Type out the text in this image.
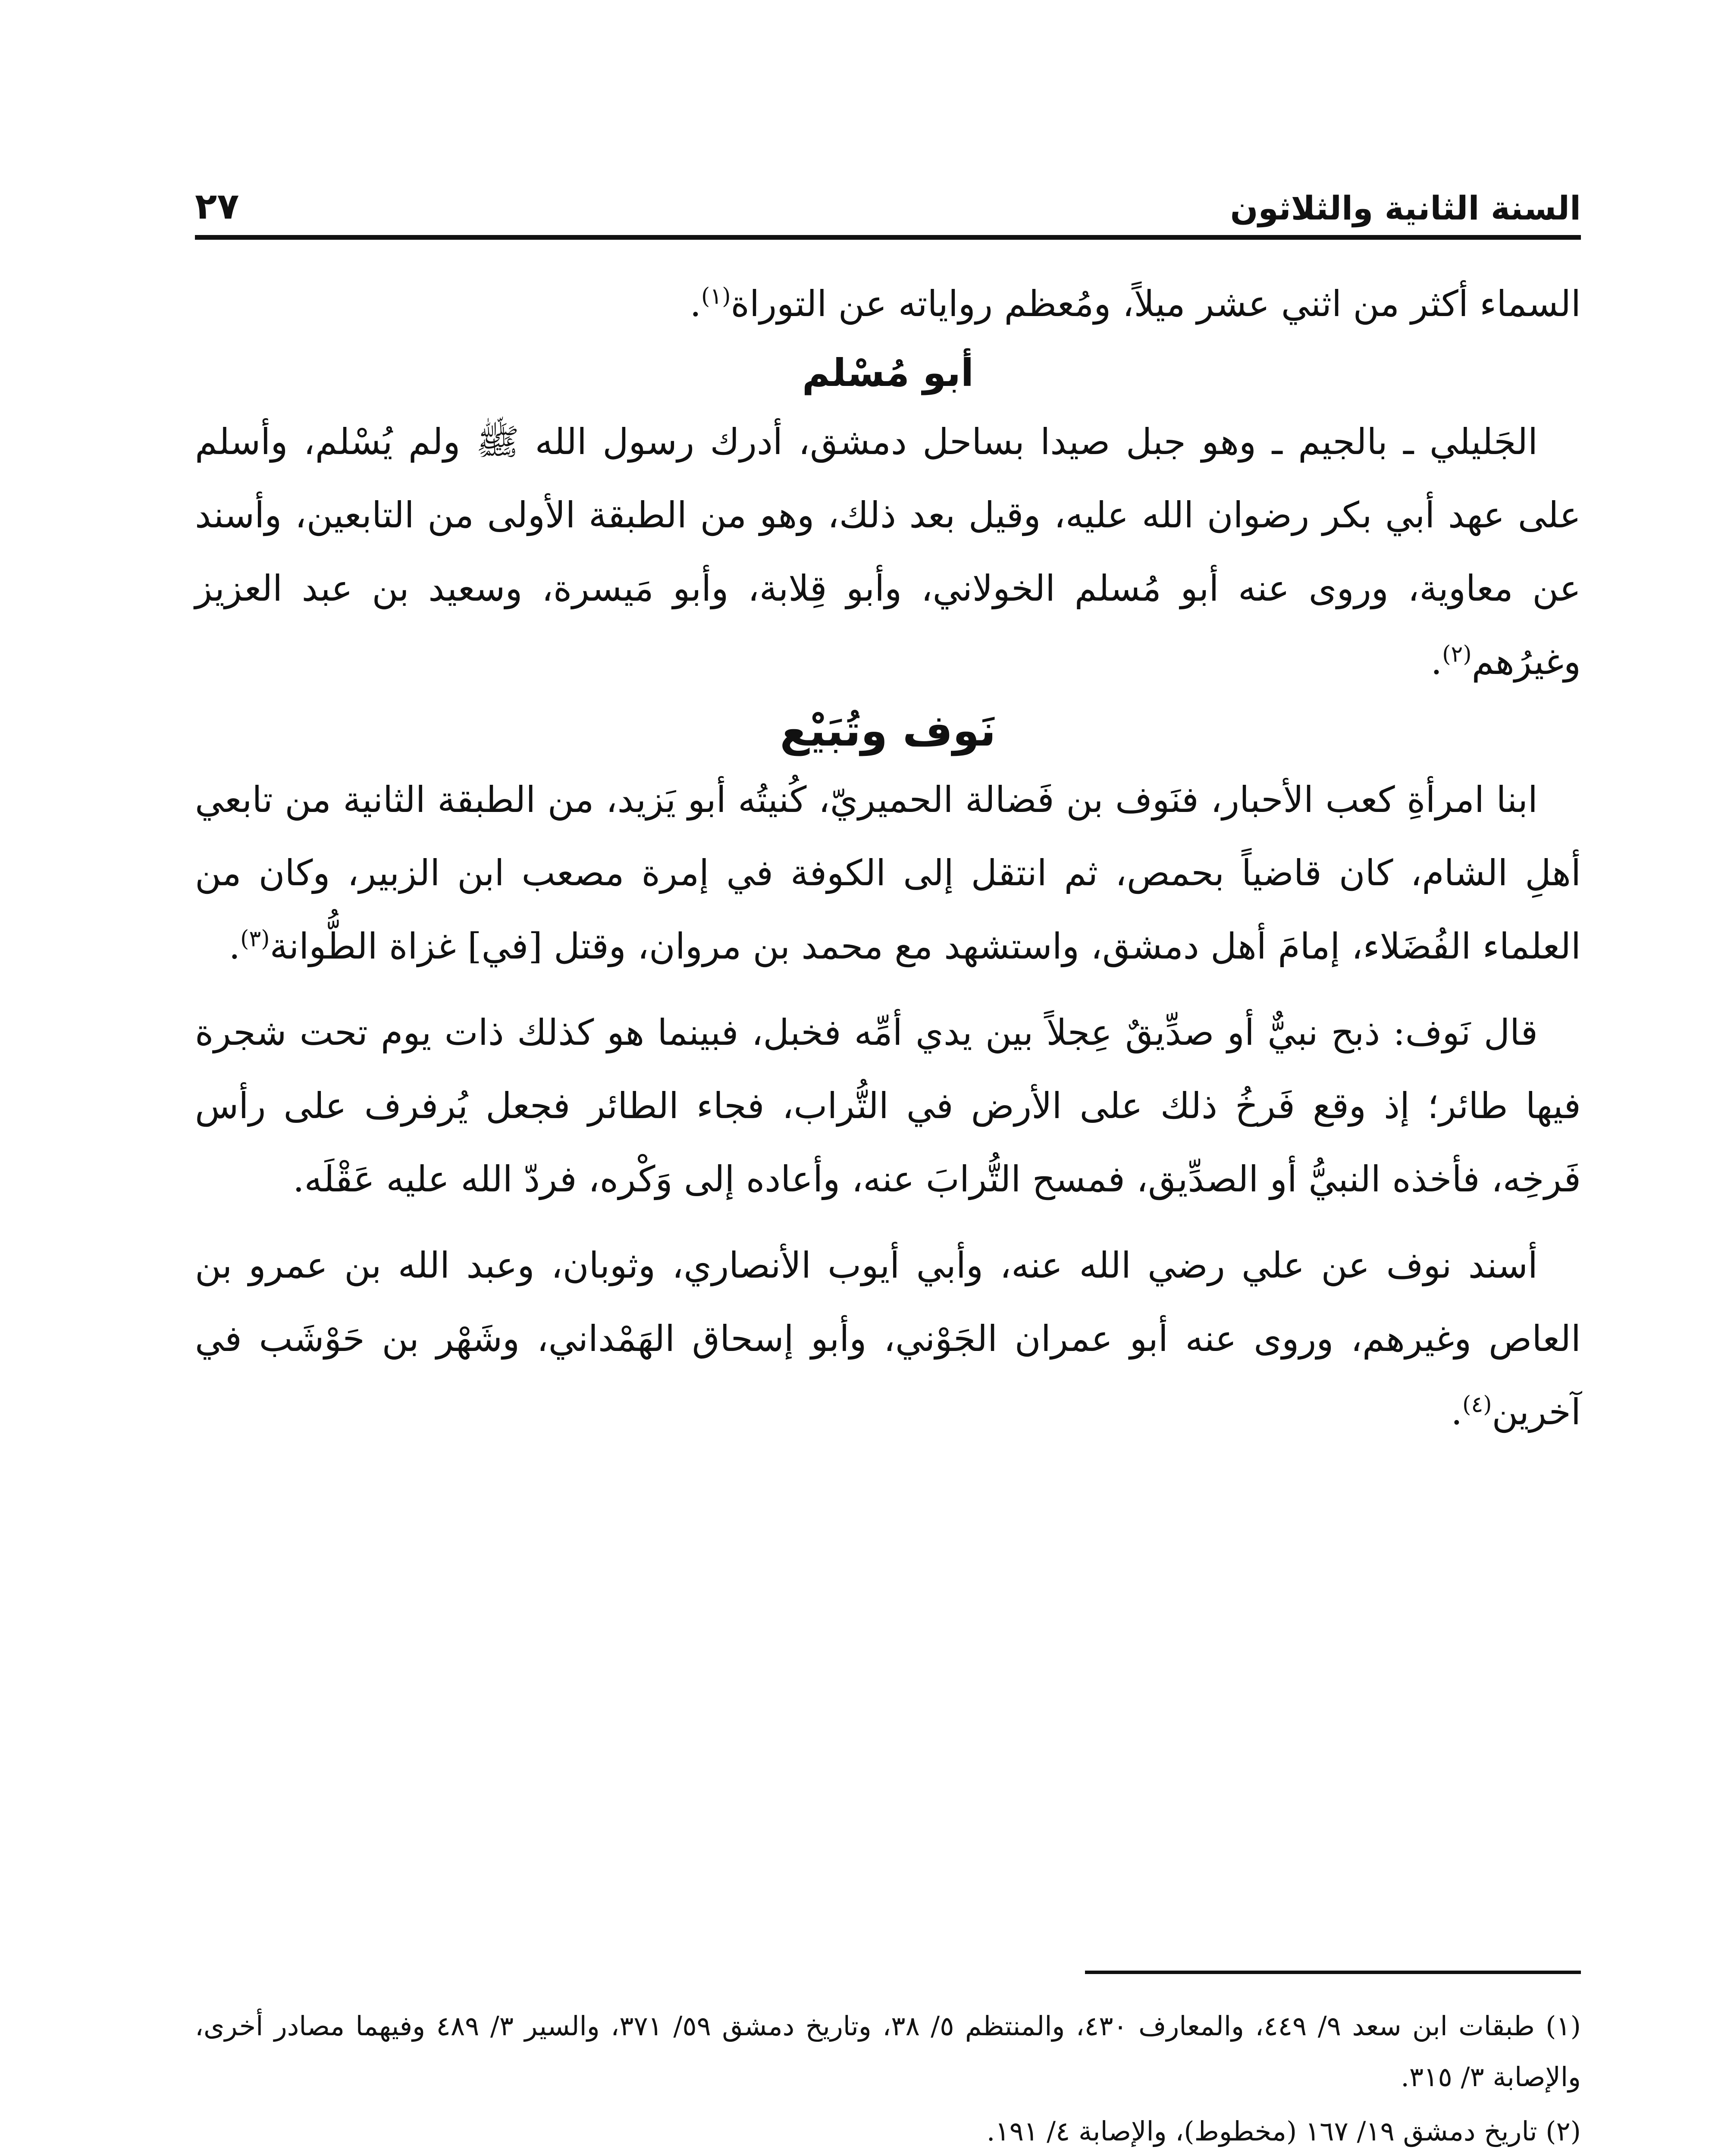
السنة الثانية والثلاثون
٢٧

السماء أكثر من اثني عشر ميلاً، ومُعظم رواياته عن التوراة$^{(١)}$.

أبو مُسْلم

الجَليلي ـ بالجيم ـ وهو جبل صيدا بساحل دمشق، أدرك رسول الله ﷺ ولم يُسْلم، وأسلم على عهد أبي بكر رضوان الله عليه، وقيل بعد ذلك، وهو من الطبقة الأولى من التابعين، وأسند عن معاوية، وروى عنه أبو مُسلم الخولاني، وأبو قِلابة، وأبو مَيسرة، وسعيد بن عبد العزيز وغيرُهم$^{(٢)}$.

نَوف وتُبَيْع

ابنا امرأةِ كعب الأحبار، فنَوف بن فَضالة الحميريّ، كُنيتُه أبو يَزيد، من الطبقة الثانية من تابعي أهلِ الشام، كان قاضياً بحمص، ثم انتقل إلى الكوفة في إمرة مصعب ابن الزبير، وكان من العلماء الفُضَلاء، إمامَ أهل دمشق، واستشهد مع محمد بن مروان، وقتل [في] غزاة الطُّوانة$^{(٣)}$.

قال نَوف: ذبح نبيٌّ أو صدِّيقٌ عِجلاً بين يدي أمِّه فخبل، فبينما هو كذلك ذات يوم تحت شجرة فيها طائر؛ إذ وقع فَرخُ ذلك على الأرض في التُّراب، فجاء الطائر فجعل يُرفرف على رأس فَرخِه، فأخذه النبيُّ أو الصدِّيق، فمسح التُّرابَ عنه، وأعاده إلى وَكْره، فردّ الله عليه عَقْلَه.

أسند نوف عن علي رضي الله عنه، وأبي أيوب الأنصاري، وثوبان، وعبد الله بن عمرو بن العاص وغيرهم، وروى عنه أبو عمران الجَوْني، وأبو إسحاق الهَمْداني، وشَهْر بن حَوْشَب في آخرين$^{(٤)}$.

(١) طبقات ابن سعد ٩/ ٤٤٩، والمعارف ٤٣٠، والمنتظم ٥/ ٣٨، وتاريخ دمشق ٥٩/ ٣٧١، والسير ٣/ ٤٨٩ وفيهما مصادر أخرى، والإصابة ٣/ ٣١٥.

(٢) تاريخ دمشق ١٩/ ١٦٧ (مخطوط)، والإصابة ٤/ ١٩١.
